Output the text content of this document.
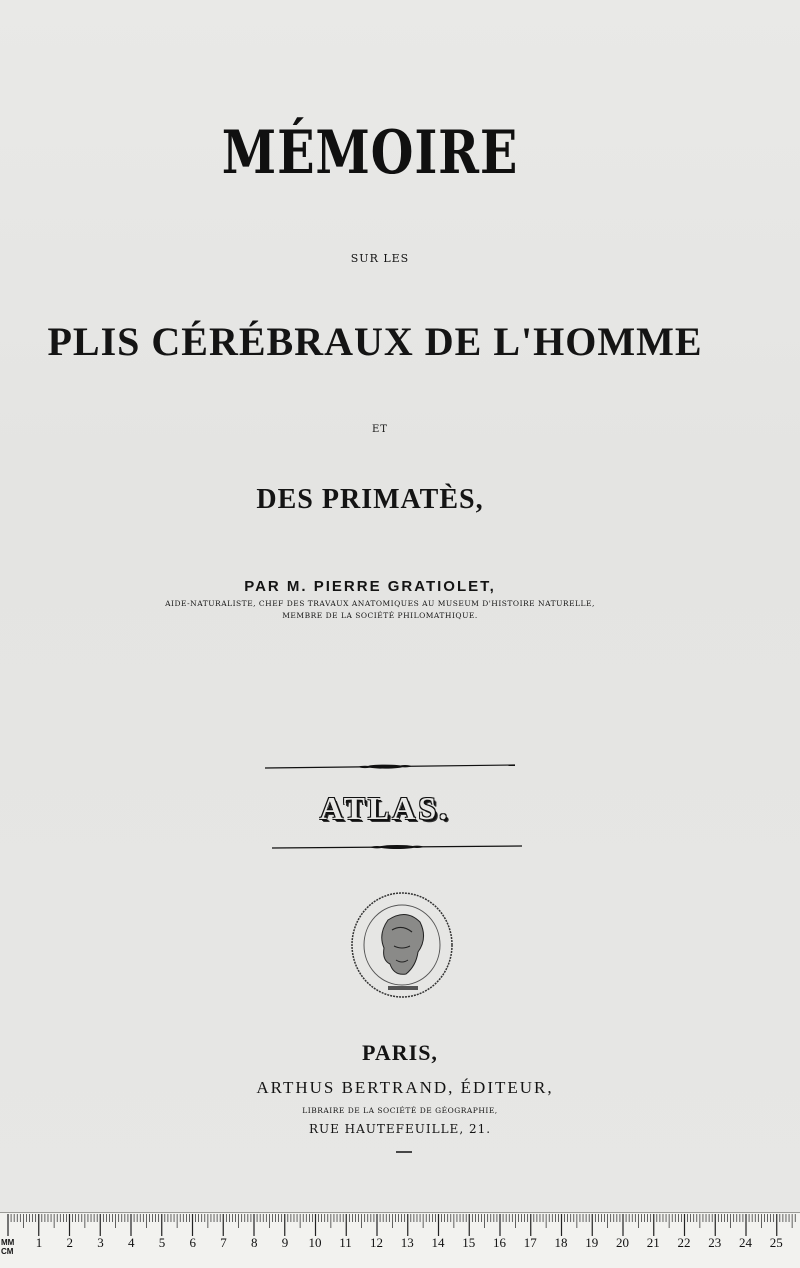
MÉMOIRE
SUR LES
PLIS CÉRÉBRAUX DE L'HOMME
ET
DES PRIMATÈS,
PAR M. PIERRE GRATIOLET,
AIDE-NATURALISTE, CHEF DES TRAVAUX ANATOMIQUES AU MUSEUM D'HISTOIRE NATURELLE,
MEMBRE DE LA SOCIÉTÉ PHILOMATHIQUE.
ATLAS.
PARIS,
ARTHUS BERTRAND, ÉDITEUR,
LIBRAIRE DE LA SOCIÉTÉ DE GÉOGRAPHIE,
RUE HAUTEFEUILLE, 21.
1 2 3 4 5 6 7 8 9 10 11 12 13 14 15 16 17 18 19 20 21 22 23 24 25
MM
CM
